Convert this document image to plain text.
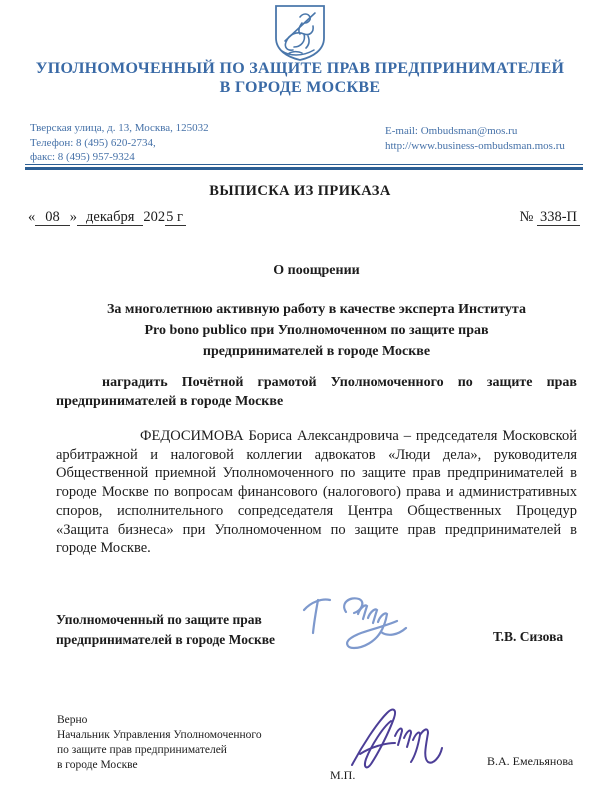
УПОЛНОМОЧЕННЫЙ ПО ЗАЩИТЕ ПРАВ ПРЕДПРИНИМАТЕЛЕЙ
В ГОРОДЕ МОСКВЕ
Тверская улица, д. 13, Москва, 125032
Телефон: 8 (495) 620-2734,
факс: 8 (495) 957-9324
E-mail: Ombudsman@mos.ru
http://www.business-ombudsman.mos.ru
ВЫПИСКА ИЗ ПРИКАЗА
« 08 » декабря 2025 г	№ 338-П
О поощрении
За многолетнюю активную работу в качестве эксперта Института
Pro bono publico при Уполномоченном по защите прав
предпринимателей в городе Москве
наградить Почётной грамотой Уполномоченного по защите прав предпринимателей в городе Москве
ФЕДОСИМОВА Бориса Александровича – председателя Московской арбитражной и налоговой коллегии адвокатов «Люди дела», руководителя Общественной приемной Уполномоченного по защите прав предпринимателей в городе Москве по вопросам финансового (налогового) права и административных споров, исполнительного сопредседателя Центра Общественных Процедур «Защита бизнеса» при Уполномоченном по защите прав предпринимателей в городе Москве.
Уполномоченный по защите прав
предпринимателей в городе Москве	Т.В. Сизова
Верно
Начальник Управления Уполномоченного
по защите прав предпринимателей
в городе Москве
М.П.
В.А. Емельянова
